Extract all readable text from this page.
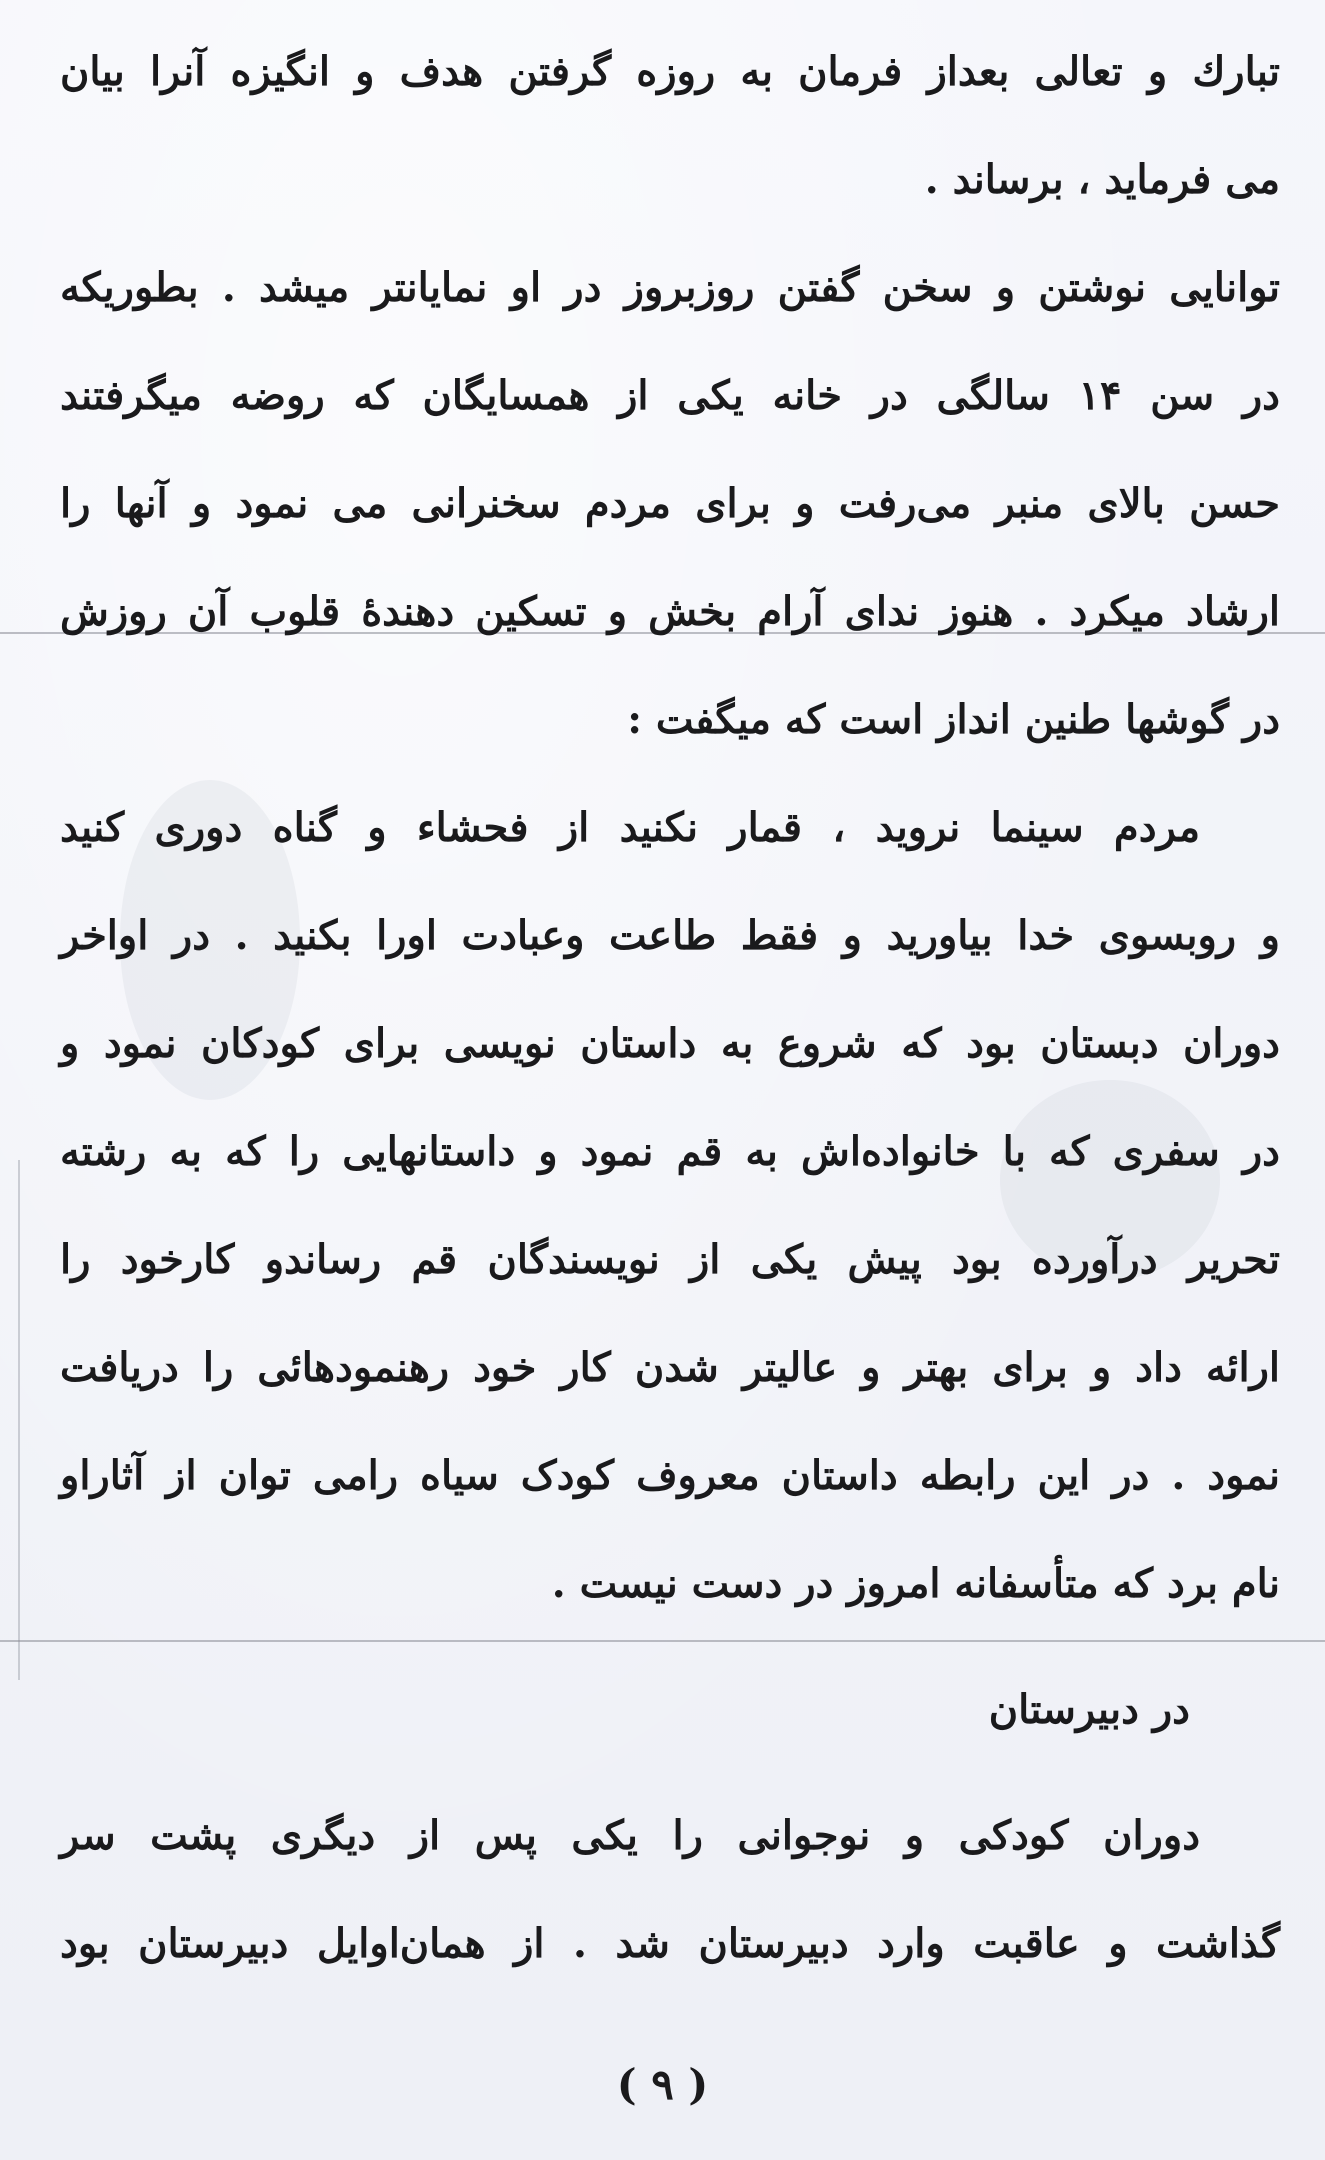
تبارك و تعالی بعداز فرمان به روزه گرفتن هدف و انگیزه آنرا بیان
می فرماید ، برساند .
توانایی نوشتن و سخن گفتن روزبروز در او نمایانتر میشد . بطوریکه
در سن ۱۴ سالگی در خانه یکی از همسایگان که روضه میگرفتند
حسن بالای منبر می‌رفت و برای مردم سخنرانی می نمود و آنها را
ارشاد میکرد . هنوز ندای آرام بخش و تسکین دهندهٔ قلوب آن روزش
در گوشها طنین انداز است که میگفت :
مردم سینما نروید ، قمار نکنید از فحشاء و گناه دوری کنید
و روبسوی خدا بیاورید و فقط طاعت وعبادت اورا بکنید . در اواخر
دوران دبستان بود که شروع به داستان نویسی برای کودکان نمود و
در سفری که با خانواده‌اش به قم نمود و داستانهایی را که به رشته
تحریر درآورده بود پیش یکی از نویسندگان قم رساندو کارخود را
ارائه داد و برای بهتر و عالیتر شدن کار خود رهنمودهائی را دریافت
نمود . در این رابطه داستان معروف کودک سیاه رامی توان از آثاراو
نام برد که متأسفانه امروز در دست نیست .
در دبیرستان
دوران کودکی و نوجوانی را یکی پس از دیگری پشت سر
گذاشت و عاقبت وارد دبیرستان شد . از همان‌اوایل دبیرستان بود
( ۹ )
